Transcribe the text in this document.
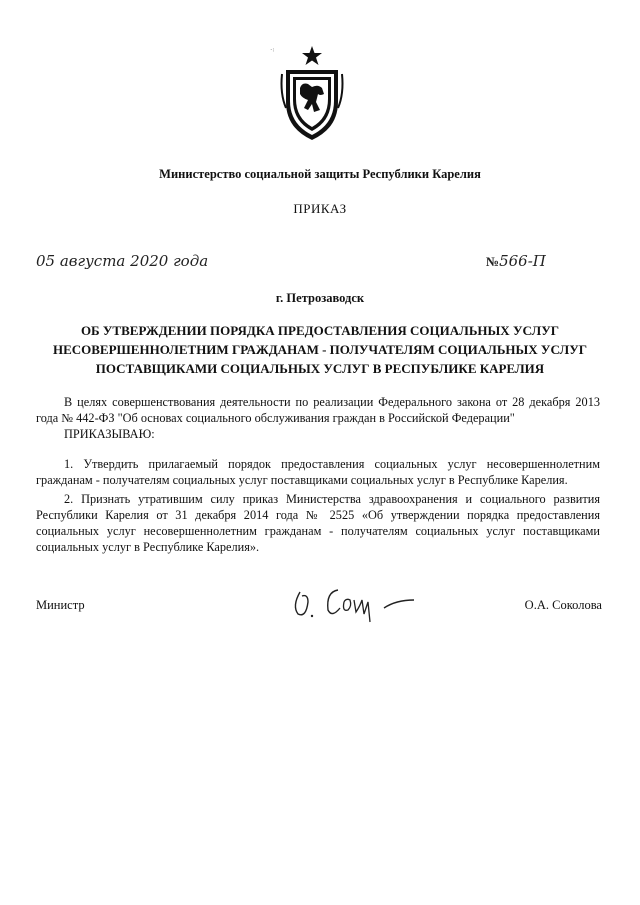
·꞉
Министерство социальной защиты Республики Карелия
ПРИКАЗ
05 августа 2020 года	№566-П
г. Петрозаводск
ОБ УТВЕРЖДЕНИИ ПОРЯДКА ПРЕДОСТАВЛЕНИЯ СОЦИАЛЬНЫХ УСЛУГ НЕСОВЕРШЕННОЛЕТНИМ ГРАЖДАНАМ - ПОЛУЧАТЕЛЯМ СОЦИАЛЬНЫХ УСЛУГ ПОСТАВЩИКАМИ СОЦИАЛЬНЫХ УСЛУГ В РЕСПУБЛИКЕ КАРЕЛИЯ
В целях совершенствования деятельности по реализации Федерального закона от 28 декабря 2013 года № 442-ФЗ "Об основах социального обслуживания граждан в Российской Федерации"
ПРИКАЗЫВАЮ:
1. Утвердить прилагаемый порядок предоставления социальных услуг несовершеннолетним гражданам - получателям социальных услуг поставщиками социальных услуг в Республике Карелия.
2. Признать утратившим силу приказ Министерства здравоохранения и социального развития Республики Карелия от 31 декабря 2014 года № 2525 «Об утверждении порядка предоставления социальных услуг несовершеннолетним гражданам - получателям социальных услуг поставщиками социальных услуг в Республике Карелия».
Министр	О.А. Соколова
